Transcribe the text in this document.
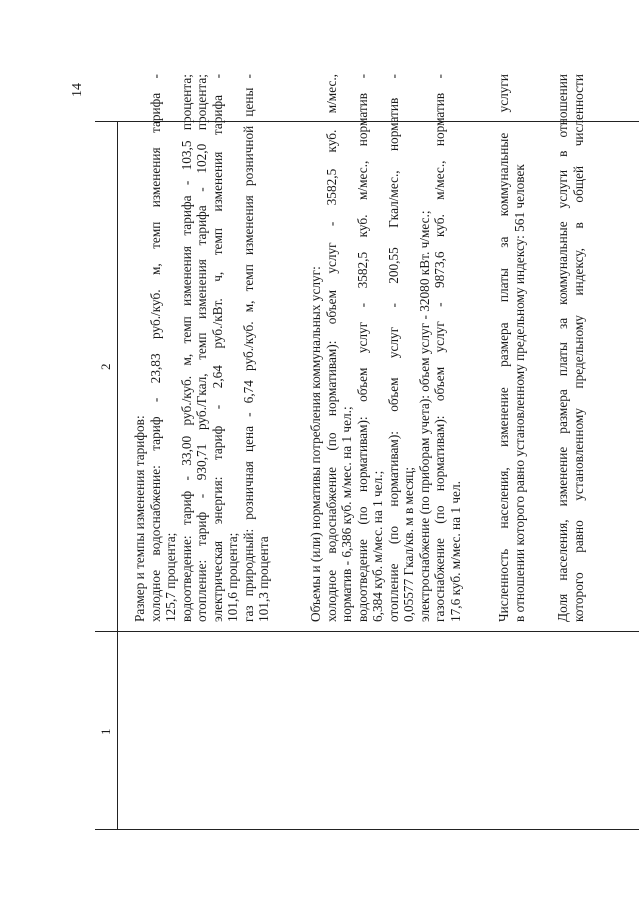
14
1
2
Размер и темпы изменения тарифов: холодное водоснабжение: тариф - 23,83 руб./куб. м, темп изменения тарифа - 125,7 процента; водоотведение: тариф - 33,00 руб./куб. м, темп изменения тарифа - 103,5 процента; отопление: тариф - 930,71 руб./Гкал, темп изменения тарифа - 102,0 процента; электрическая энергия: тариф - 2,64 руб./кВт. ч, темп изменения тарифа - 101,6 процента; газ природный: розничная цена - 6,74 руб./куб. м, темп изменения розничной цены - 101,3 процента	Объемы и (или) нормативы потребления коммунальных услуг: холодное водоснабжение (по нормативам): объем услуг - 3582,5 куб. м/мес., норматив - 6,386 куб. м/мес. на 1 чел.; водоотведение (по нормативам): объем услуг - 3582,5 куб. м/мес., норматив - 6,384 куб. м/мес. на 1 чел.; отопление (по нормативам): объем услуг - 200,55 Гкал/мес., норматив - 0,05577 Гкал/кв. м в месяц; электроснабжение (по приборам учета): объем услуг - 32080 кВт. ч/мес.; газоснабжение (по нормативам): объем услуг - 9873,6 куб. м/мес., норматив - 17,6 куб. м/мес. на 1 чел.	Численность населения, изменение размера платы за коммунальные услуги в отношении которого равно установленному предельному индексу: 561 человек Доля населения, изменение размера платы за коммунальные услуги в отношении которого равно установленному предельному индексу, в общей численности
